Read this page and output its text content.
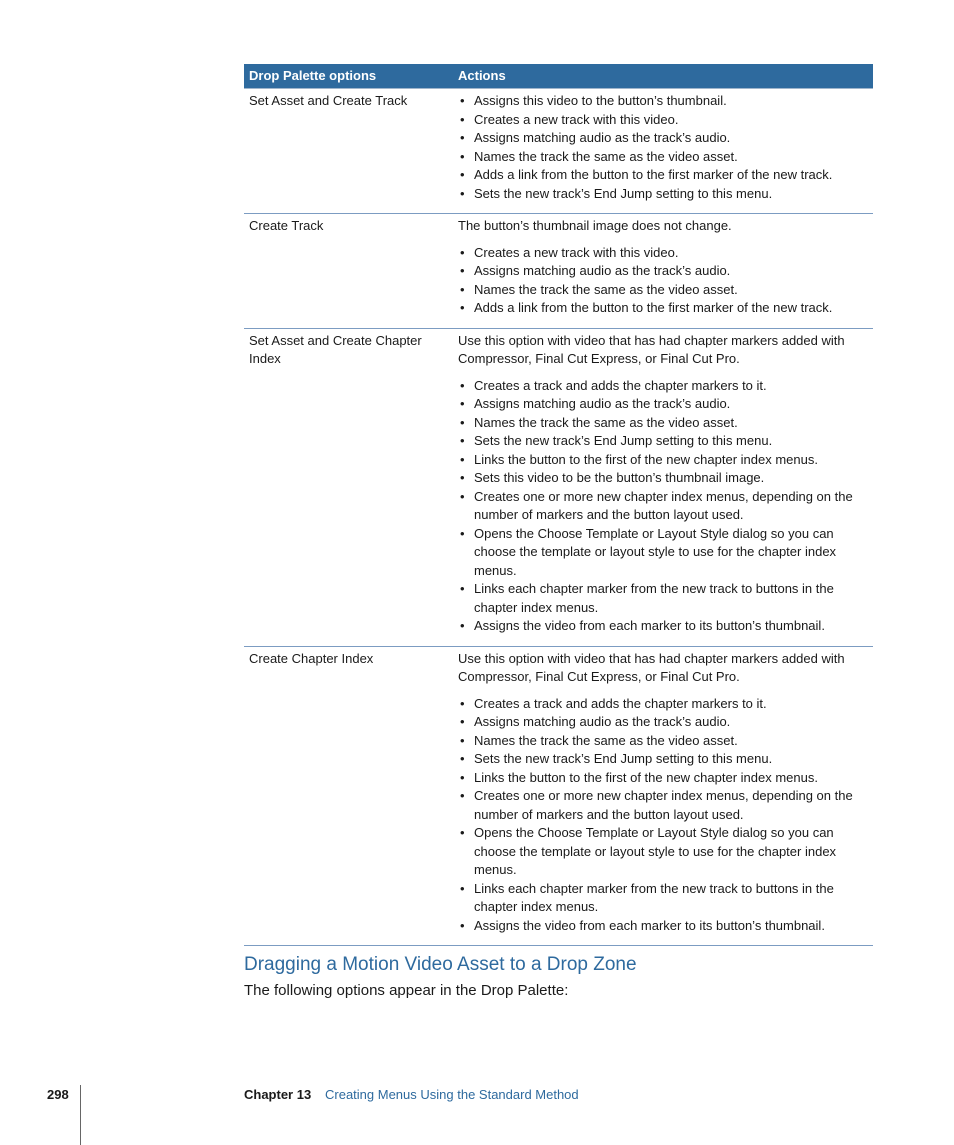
Drop Palette options	Actions
Set Asset and Create Track
•	Assigns this video to the button’s thumbnail.
• Creates a new track with this video.
• Assigns matching audio as the track’s audio.
• Names the track the same as the video asset.
• Adds a link from the button to the first marker of the new track.
• Sets the new track’s End Jump setting to this menu.
Create Track	The button’s thumbnail image does not change.

• Creates a new track with this video.
• Assigns matching audio as the track’s audio.
• Names the track the same as the video asset.
• Adds a link from the button to the first marker of the new track.
Set Asset and Create Chapter Index

Use this option with video that has had chapter markers added with Compressor, Final Cut Express, or Final Cut Pro.

• Creates a track and adds the chapter markers to it.
• Assigns matching audio as the track’s audio.
• Names the track the same as the video asset.
• Sets the new track’s End Jump setting to this menu.
• Links the button to the first of the new chapter index menus.
• Sets this video to be the button’s thumbnail image.
• Creates one or more new chapter index menus, depending on the number of markers and the button layout used.
• Opens the Choose Template or Layout Style dialog so you can choose the template or layout style to use for the chapter index menus.
• Links each chapter marker from the new track to buttons in the chapter index menus.
• Assigns the video from each marker to its button’s thumbnail.
Create Chapter Index	Use this option with video that has had chapter markers added with Compressor, Final Cut Express, or Final Cut Pro.

• Creates a track and adds the chapter markers to it.
• Assigns matching audio as the track’s audio.
• Names the track the same as the video asset.
• Sets the new track’s End Jump setting to this menu.
• Links the button to the first of the new chapter index menus.
• Creates one or more new chapter index menus, depending on the number of markers and the button layout used.
• Opens the Choose Template or Layout Style dialog so you can choose the template or layout style to use for the chapter index menus.
• Links each chapter marker from the new track to buttons in the chapter index menus.
• Assigns the video from each marker to its button’s thumbnail.
Dragging a Motion Video Asset to a Drop Zone

The following options appear in the Drop Palette:

298	Chapter 13 Creating Menus Using the Standard Method
